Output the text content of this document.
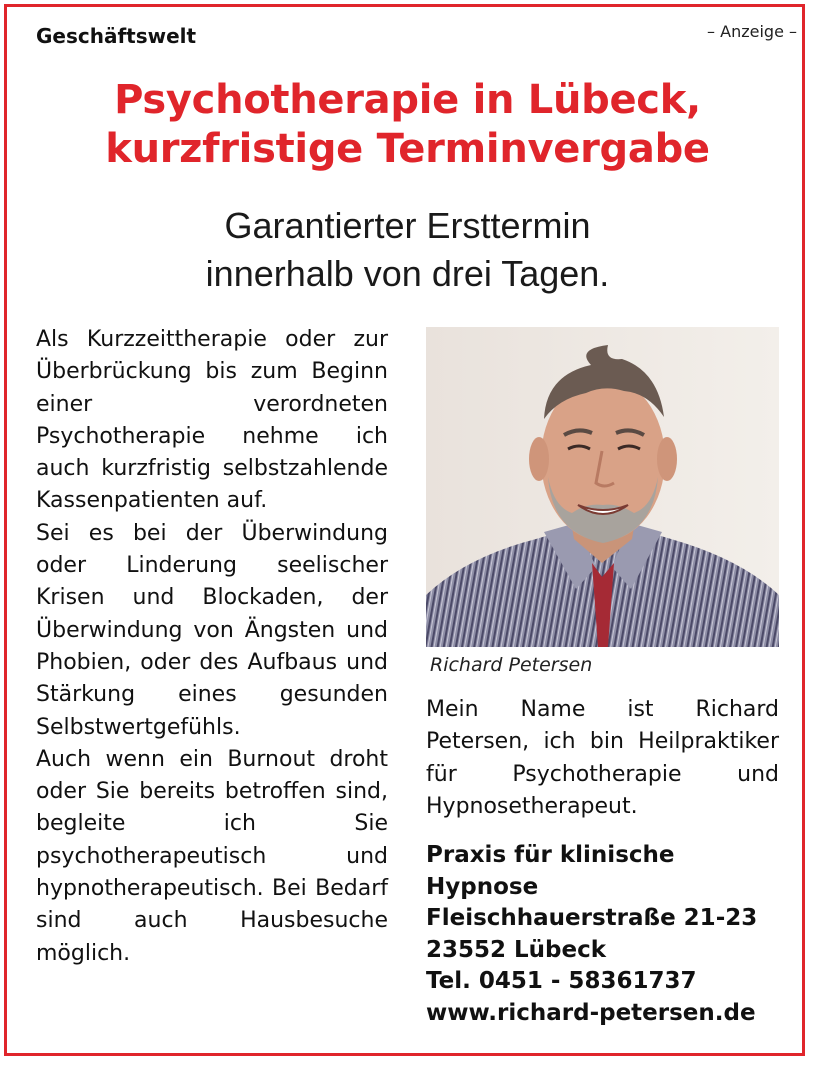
Geschäftswelt	– Anzeige –
Psychotherapie in Lübeck,
kurzfristige Terminvergabe
Garantierter Ersttermin
innerhalb von drei Tagen.

Als Kurzzeittherapie oder zur Überbrückung bis zum Beginn einer verordneten Psychotherapie nehme ich auch kurzfristig selbstzahlende Kassenpatienten auf.

Sei es bei der Überwindung oder Linderung seelischer Krisen und Blockaden, der Überwindung von Ängsten und Phobien, oder des Aufbaus und Stärkung eines gesunden Selbstwertgefühls.

Auch wenn ein Burnout droht oder Sie bereits betroffen sind, begleite ich Sie psychotherapeutisch und hypnotherapeutisch. Bei Bedarf sind auch Hausbesuche möglich.

Richard Petersen

Mein Name ist Richard Petersen, ich bin Heilpraktiker für Psychotherapie und Hypnosetherapeut.

Praxis für klinische
Hypnose
Fleischhauerstraße 21-23
23552 Lübeck
Tel. 0451 - 58361737
www.richard-petersen.de
